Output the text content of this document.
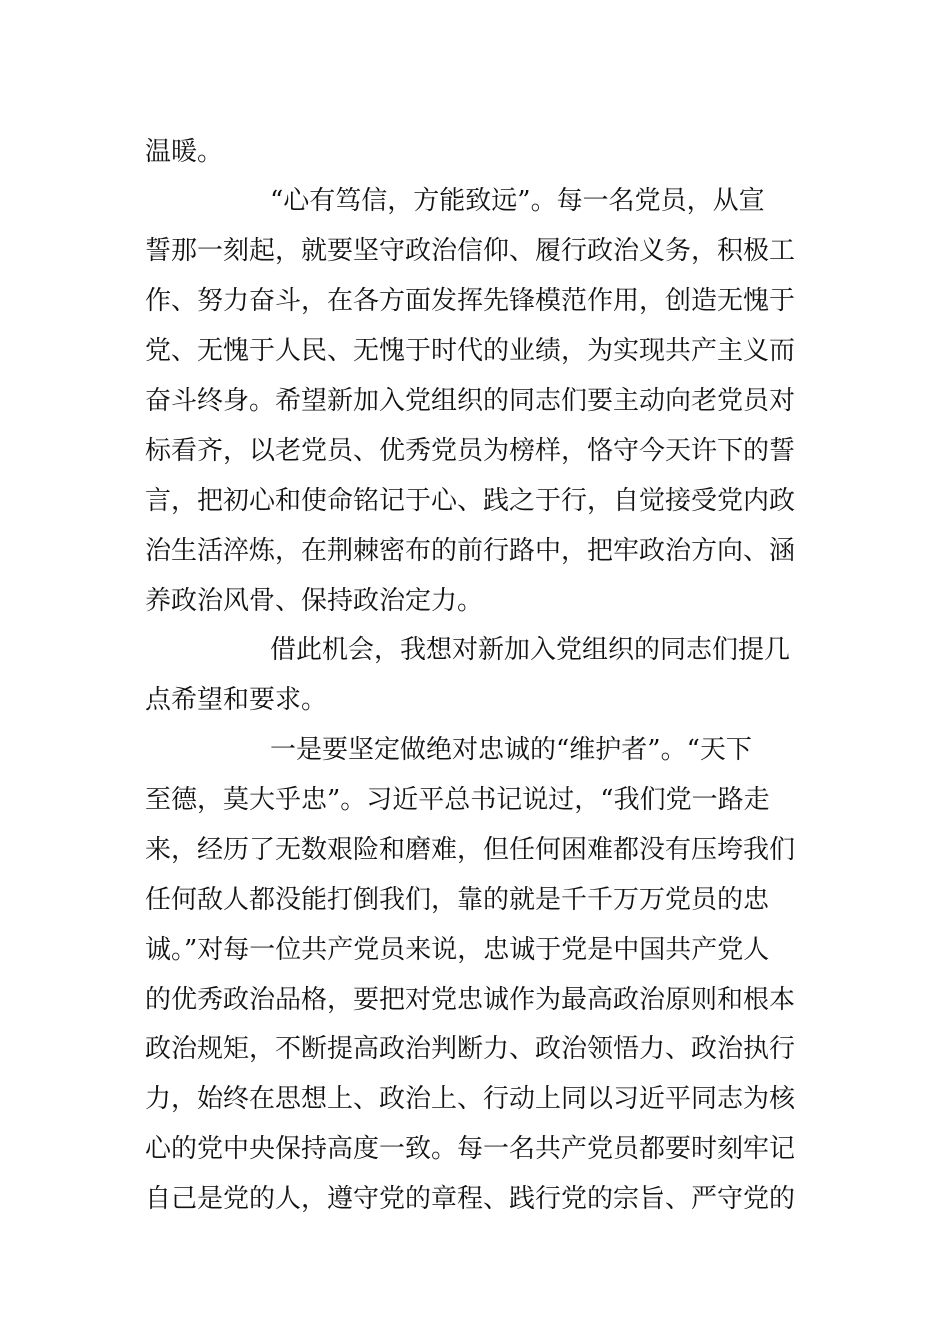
温暖。
“心有笃信，方能致远”。每一名党员，从宣
誓那一刻起，就要坚守政治信仰、履行政治义务，积极工
作、努力奋斗，在各方面发挥先锋模范作用，创造无愧于
党、无愧于人民、无愧于时代的业绩，为实现共产主义而
奋斗终身。希望新加入党组织的同志们要主动向老党员对
标看齐，以老党员、优秀党员为榜样，恪守今天许下的誓
言，把初心和使命铭记于心、践之于行，自觉接受党内政
治生活淬炼，在荆棘密布的前行路中，把牢政治方向、涵
养政治风骨、保持政治定力。
借此机会，我想对新加入党组织的同志们提几
点希望和要求。
一是要坚定做绝对忠诚的“维护者”。“天下
至德，莫大乎忠”。习近平总书记说过，“我们党一路走
来，经历了无数艰险和磨难，但任何困难都没有压垮我们
任何敌人都没能打倒我们，靠的就是千千万万党员的忠
诚。”对每一位共产党员来说，忠诚于党是中国共产党人
的优秀政治品格，要把对党忠诚作为最高政治原则和根本
政治规矩，不断提高政治判断力、政治领悟力、政治执行
力，始终在思想上、政治上、行动上同以习近平同志为核
心的党中央保持高度一致。每一名共产党员都要时刻牢记
自己是党的人，遵守党的章程、践行党的宗旨、严守党的
